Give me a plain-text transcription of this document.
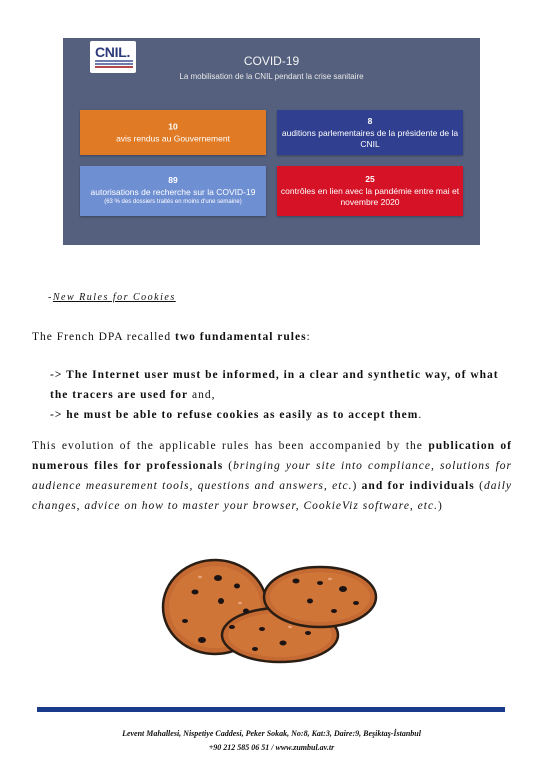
CNIL.
COVID-19
La mobilisation de la CNIL pendant la crise sanitaire
10
avis rendus au Gouvernement
8
auditions parlementaires de la présidente de la CNIL
89
autorisations de recherche sur la COVID-19
(63 % des dossiers traités en moins d'une semaine)
25
contrôles en lien avec la pandémie entre mai et novembre 2020
-New Rules for Cookies

The French DPA recalled two fundamental rules:

-> The Internet user must be informed, in a clear and synthetic way, of what the tracers are used for and,
-> he must be able to refuse cookies as easily as to accept them.

This evolution of the applicable rules has been accompanied by the publication of numerous files for professionals (bringing your site into compliance, solutions for audience measurement tools, questions and answers, etc.) and for individuals (daily changes, advice on how to master your browser, CookieViz software, etc.)

Levent Mahallesi, Nispetiye Caddesi, Peker Sokak, No:8, Kat:3, Daire:9, Beşiktaş-İstanbul
+90 212 585 06 51 / www.zumbul.av.tr
